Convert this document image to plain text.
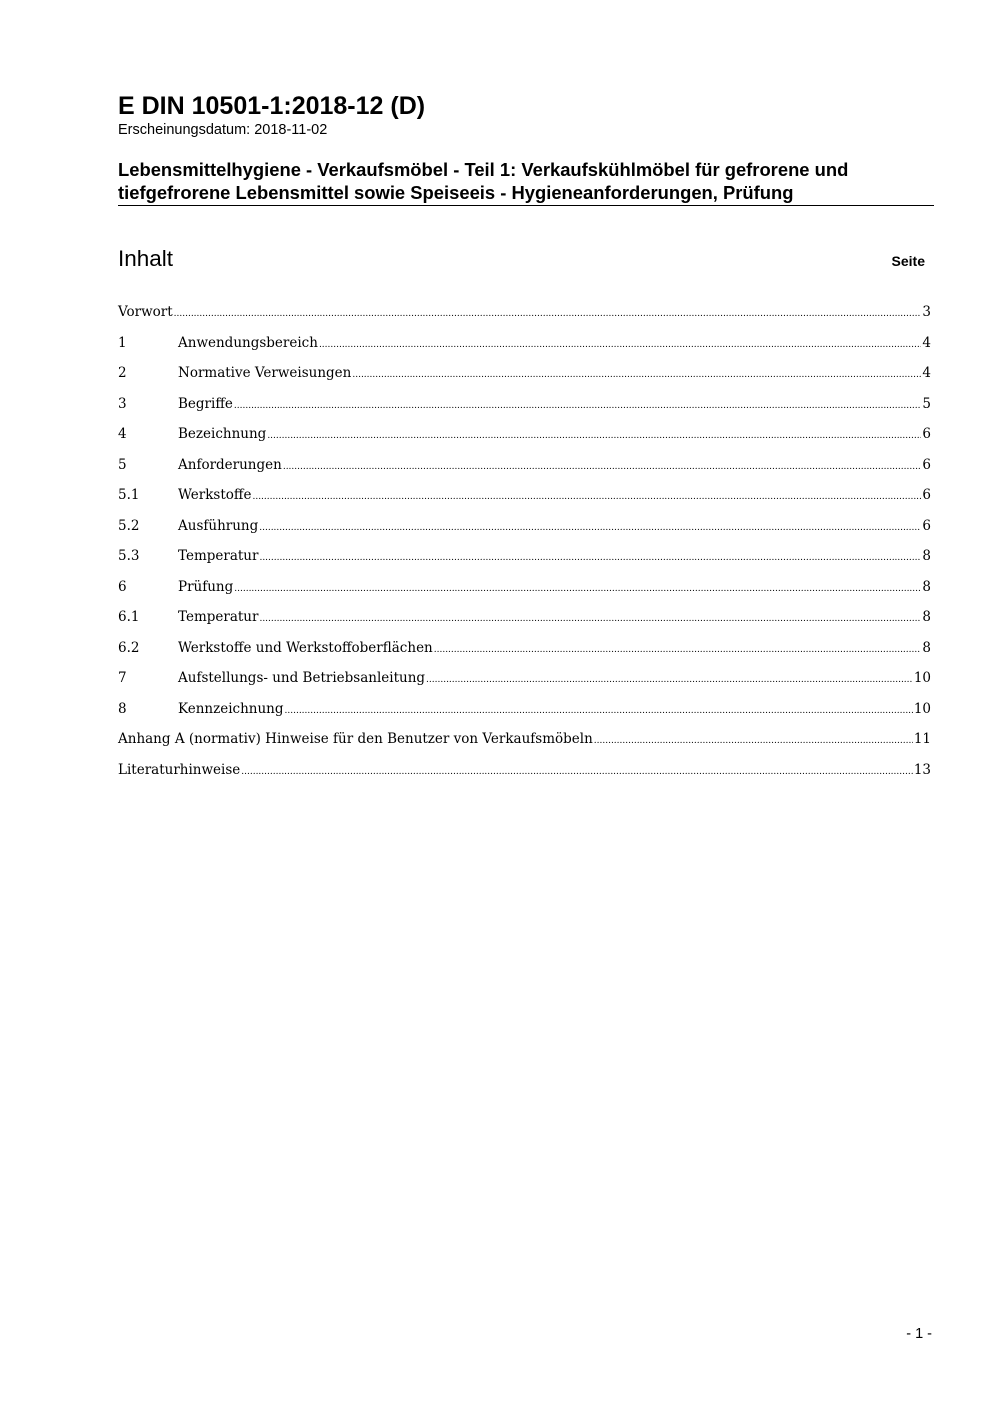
E DIN 10501-1:2018-12 (D)
Erscheinungsdatum: 2018-11-02
Lebensmittelhygiene - Verkaufsmöbel - Teil 1: Verkaufskühlmöbel für gefrorene und
tiefgefrorene Lebensmittel sowie Speiseeis - Hygieneanforderungen, Prüfung
Inhalt	Seite
Vorwort .....	3
1	Anwendungsbereich .....	4
2	Normative Verweisungen .....	4
3	Begriffe .....	5
4	Bezeichnung .....	6
5	Anforderungen .....	6
5.1	Werkstoffe .....	6
5.2	Ausführung .....	6
5.3	Temperatur .....	8
6	Prüfung .....	8
6.1	Temperatur .....	8
6.2	Werkstoffe und Werkstoffoberflächen .....	8
7	Aufstellungs- und Betriebsanleitung .....	10
8	Kennzeichnung .....	10
Anhang A (normativ) Hinweise für den Benutzer von Verkaufsmöbeln .....	11
Literaturhinweise .....	13
- 1 -
